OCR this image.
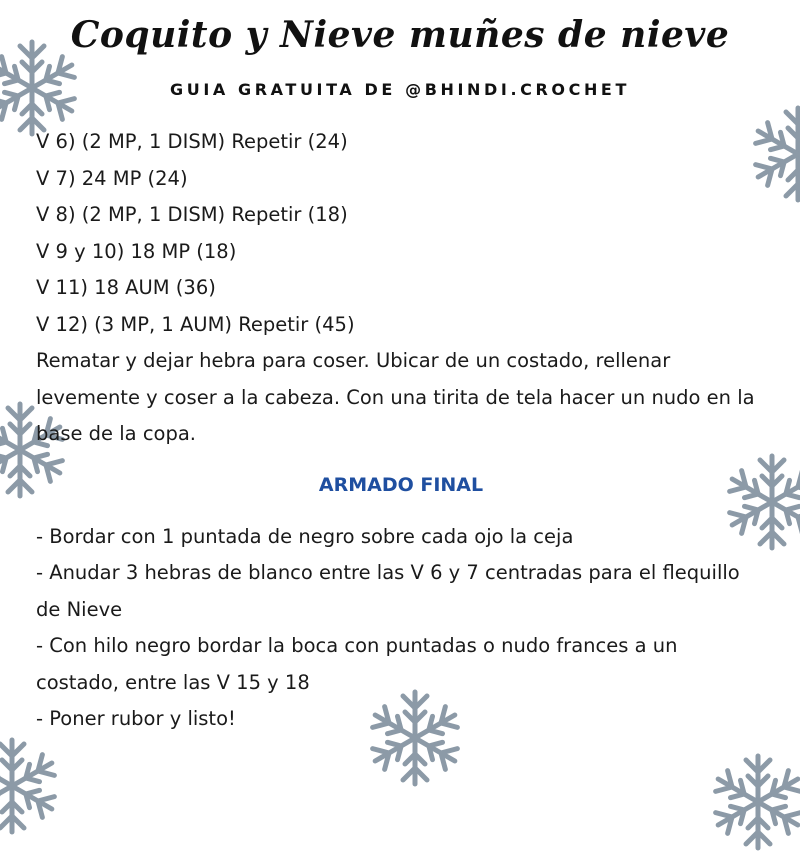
Coquito y Nieve muñes de nieve
GUIA GRATUITA DE @BHINDI.CROCHET
V 6) (2 MP, 1 DISM) Repetir (24)
V 7) 24 MP (24)
V 8) (2 MP, 1 DISM) Repetir (18)
V 9 y 10) 18 MP (18)
V 11) 18 AUM (36)
V 12) (3 MP, 1 AUM) Repetir (45)
Rematar y dejar hebra para coser. Ubicar de un costado, rellenar levemente y coser a la cabeza. Con una tirita de tela hacer un nudo en la base de la copa.
ARMADO FINAL
- Bordar con 1 puntada de negro sobre cada ojo la ceja
- Anudar 3 hebras de blanco entre las V 6 y 7 centradas para el flequillo de Nieve
- Con hilo negro bordar la boca con puntadas o nudo frances a un costado, entre las V 15 y 18
- Poner rubor y listo!
